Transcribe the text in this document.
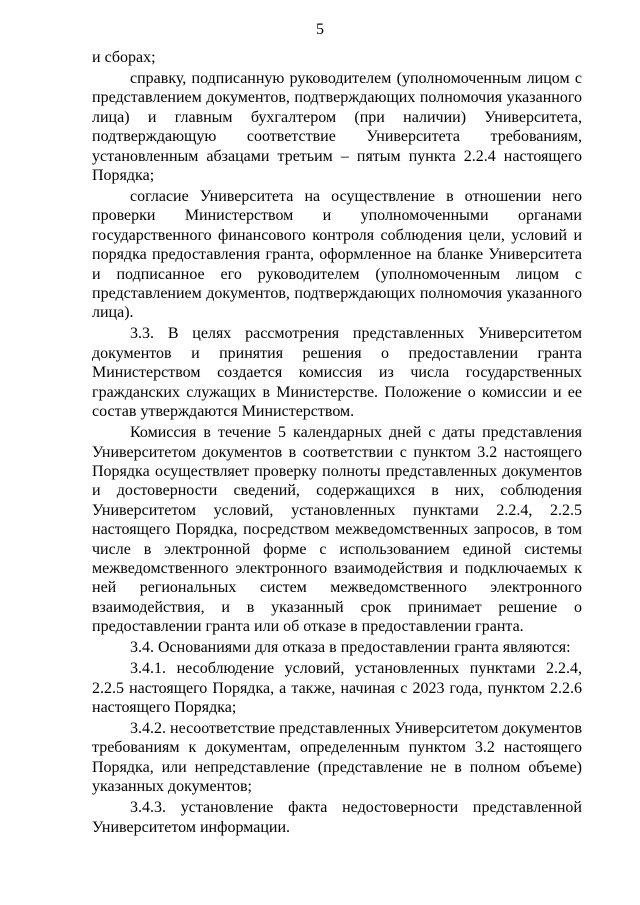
5

и сборах;

справку, подписанную руководителем (уполномоченным лицом с представлением документов, подтверждающих полномочия указанного лица) и главным бухгалтером (при наличии) Университета, подтверждающую соответствие Университета требованиям, установленным абзацами третьим – пятым пункта 2.2.4 настоящего Порядка;

согласие Университета на осуществление в отношении него проверки Министерством и уполномоченными органами государственного финансового контроля соблюдения цели, условий и порядка предоставления гранта, оформленное на бланке Университета и подписанное его руководителем (уполномоченным лицом с представлением документов, подтверждающих полномочия указанного лица).

3.3. В целях рассмотрения представленных Университетом документов и принятия решения о предоставлении гранта Министерством создается комиссия из числа государственных гражданских служащих в Министерстве. Положение о комиссии и ее состав утверждаются Министерством.

Комиссия в течение 5 календарных дней с даты представления Университетом документов в соответствии с пунктом 3.2 настоящего Порядка осуществляет проверку полноты представленных документов и достоверности сведений, содержащихся в них, соблюдения Университетом условий, установленных пунктами 2.2.4, 2.2.5 настоящего Порядка, посредством межведомственных запросов, в том числе в электронной форме с использованием единой системы межведомственного электронного взаимодействия и подключаемых к ней региональных систем межведомственного электронного взаимодействия, и в указанный срок принимает решение о предоставлении гранта или об отказе в предоставлении гранта.

3.4. Основаниями для отказа в предоставлении гранта являются:

3.4.1. несоблюдение условий, установленных пунктами 2.2.4, 2.2.5 настоящего Порядка, а также, начиная с 2023 года, пунктом 2.2.6 настоящего Порядка;

3.4.2. несоответствие представленных Университетом документов требованиям к документам, определенным пунктом 3.2 настоящего Порядка, или непредставление (представление не в полном объеме) указанных документов;

3.4.3. установление факта недостоверности представленной Университетом информации.
